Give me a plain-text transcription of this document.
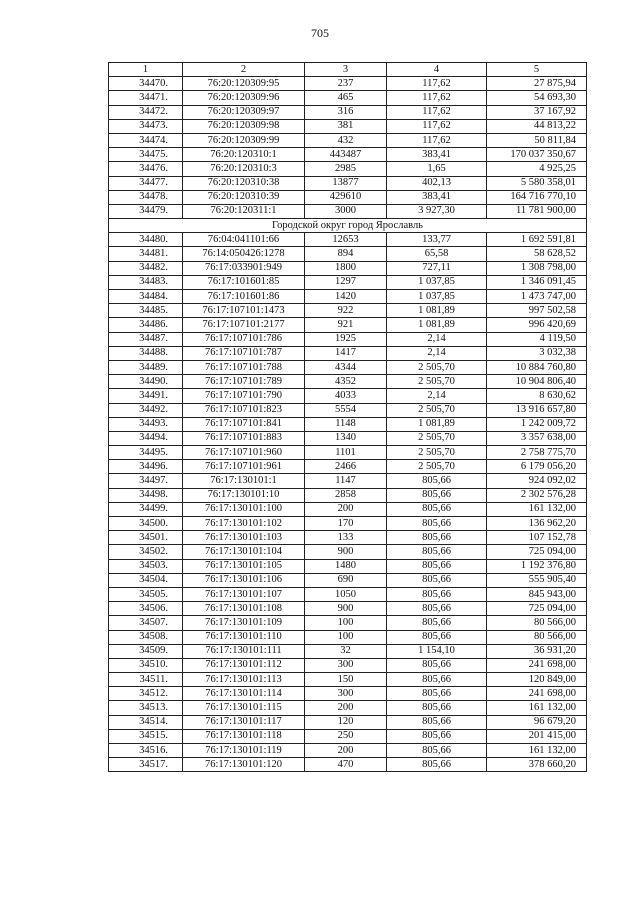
705
1	2	3	4	5
34470.	76:20:120309:95	237	117,62	27 875,94
34471.	76:20:120309:96	465	117,62	54 693,30
34472.	76:20:120309:97	316	117,62	37 167,92
34473.	76:20:120309:98	381	117,62	44 813,22
34474.	76:20:120309:99	432	117,62	50 811,84
34475.	76:20:120310:1	443487	383,41	170 037 350,67
34476.	76:20:120310:3	2985	1,65	4 925,25
34477.	76:20:120310:38	13877	402,13	5 580 358,01
34478.	76:20:120310:39	429610	383,41	164 716 770,10
34479.	76:20:120311:1	3000	3 927,30	11 781 900,00
Городской округ город Ярославль				
34480.	76:04:041101:66	12653	133,77	1 692 591,81
34481.	76:14:050426:1278	894	65,58	58 628,52
34482.	76:17:033901:949	1800	727,11	1 308 798,00
34483.	76:17:101601:85	1297	1 037,85	1 346 091,45
34484.	76:17:101601:86	1420	1 037,85	1 473 747,00
34485.	76:17:107101:1473	922	1 081,89	997 502,58
34486.	76:17:107101:2177	921	1 081,89	996 420,69
34487.	76:17:107101:786	1925	2,14	4 119,50
34488.	76:17:107101:787	1417	2,14	3 032,38
34489.	76:17:107101:788	4344	2 505,70	10 884 760,80
34490.	76:17:107101:789	4352	2 505,70	10 904 806,40
34491.	76:17:107101:790	4033	2,14	8 630,62
34492.	76:17:107101:823	5554	2 505,70	13 916 657,80
34493.	76:17:107101:841	1148	1 081,89	1 242 009,72
34494.	76:17:107101:883	1340	2 505,70	3 357 638,00
34495.	76:17:107101:960	1101	2 505,70	2 758 775,70
34496.	76:17:107101:961	2466	2 505,70	6 179 056,20
34497.	76:17:130101:1	1147	805,66	924 092,02
34498.	76:17:130101:10	2858	805,66	2 302 576,28
34499.	76:17:130101:100	200	805,66	161 132,00
34500.	76:17:130101:102	170	805,66	136 962,20
34501.	76:17:130101:103	133	805,66	107 152,78
34502.	76:17:130101:104	900	805,66	725 094,00
34503.	76:17:130101:105	1480	805,66	1 192 376,80
34504.	76:17:130101:106	690	805,66	555 905,40
34505.	76:17:130101:107	1050	805,66	845 943,00
34506.	76:17:130101:108	900	805,66	725 094,00
34507.	76:17:130101:109	100	805,66	80 566,00
34508.	76:17:130101:110	100	805,66	80 566,00
34509.	76:17:130101:111	32	1 154,10	36 931,20
34510.	76:17:130101:112	300	805,66	241 698,00
34511.	76:17:130101:113	150	805,66	120 849,00
34512.	76:17:130101:114	300	805,66	241 698,00
34513.	76:17:130101:115	200	805,66	161 132,00
34514.	76:17:130101:117	120	805,66	96 679,20
34515.	76:17:130101:118	250	805,66	201 415,00
34516.	76:17:130101:119	200	805,66	161 132,00
34517.	76:17:130101:120	470	805,66	378 660,20
